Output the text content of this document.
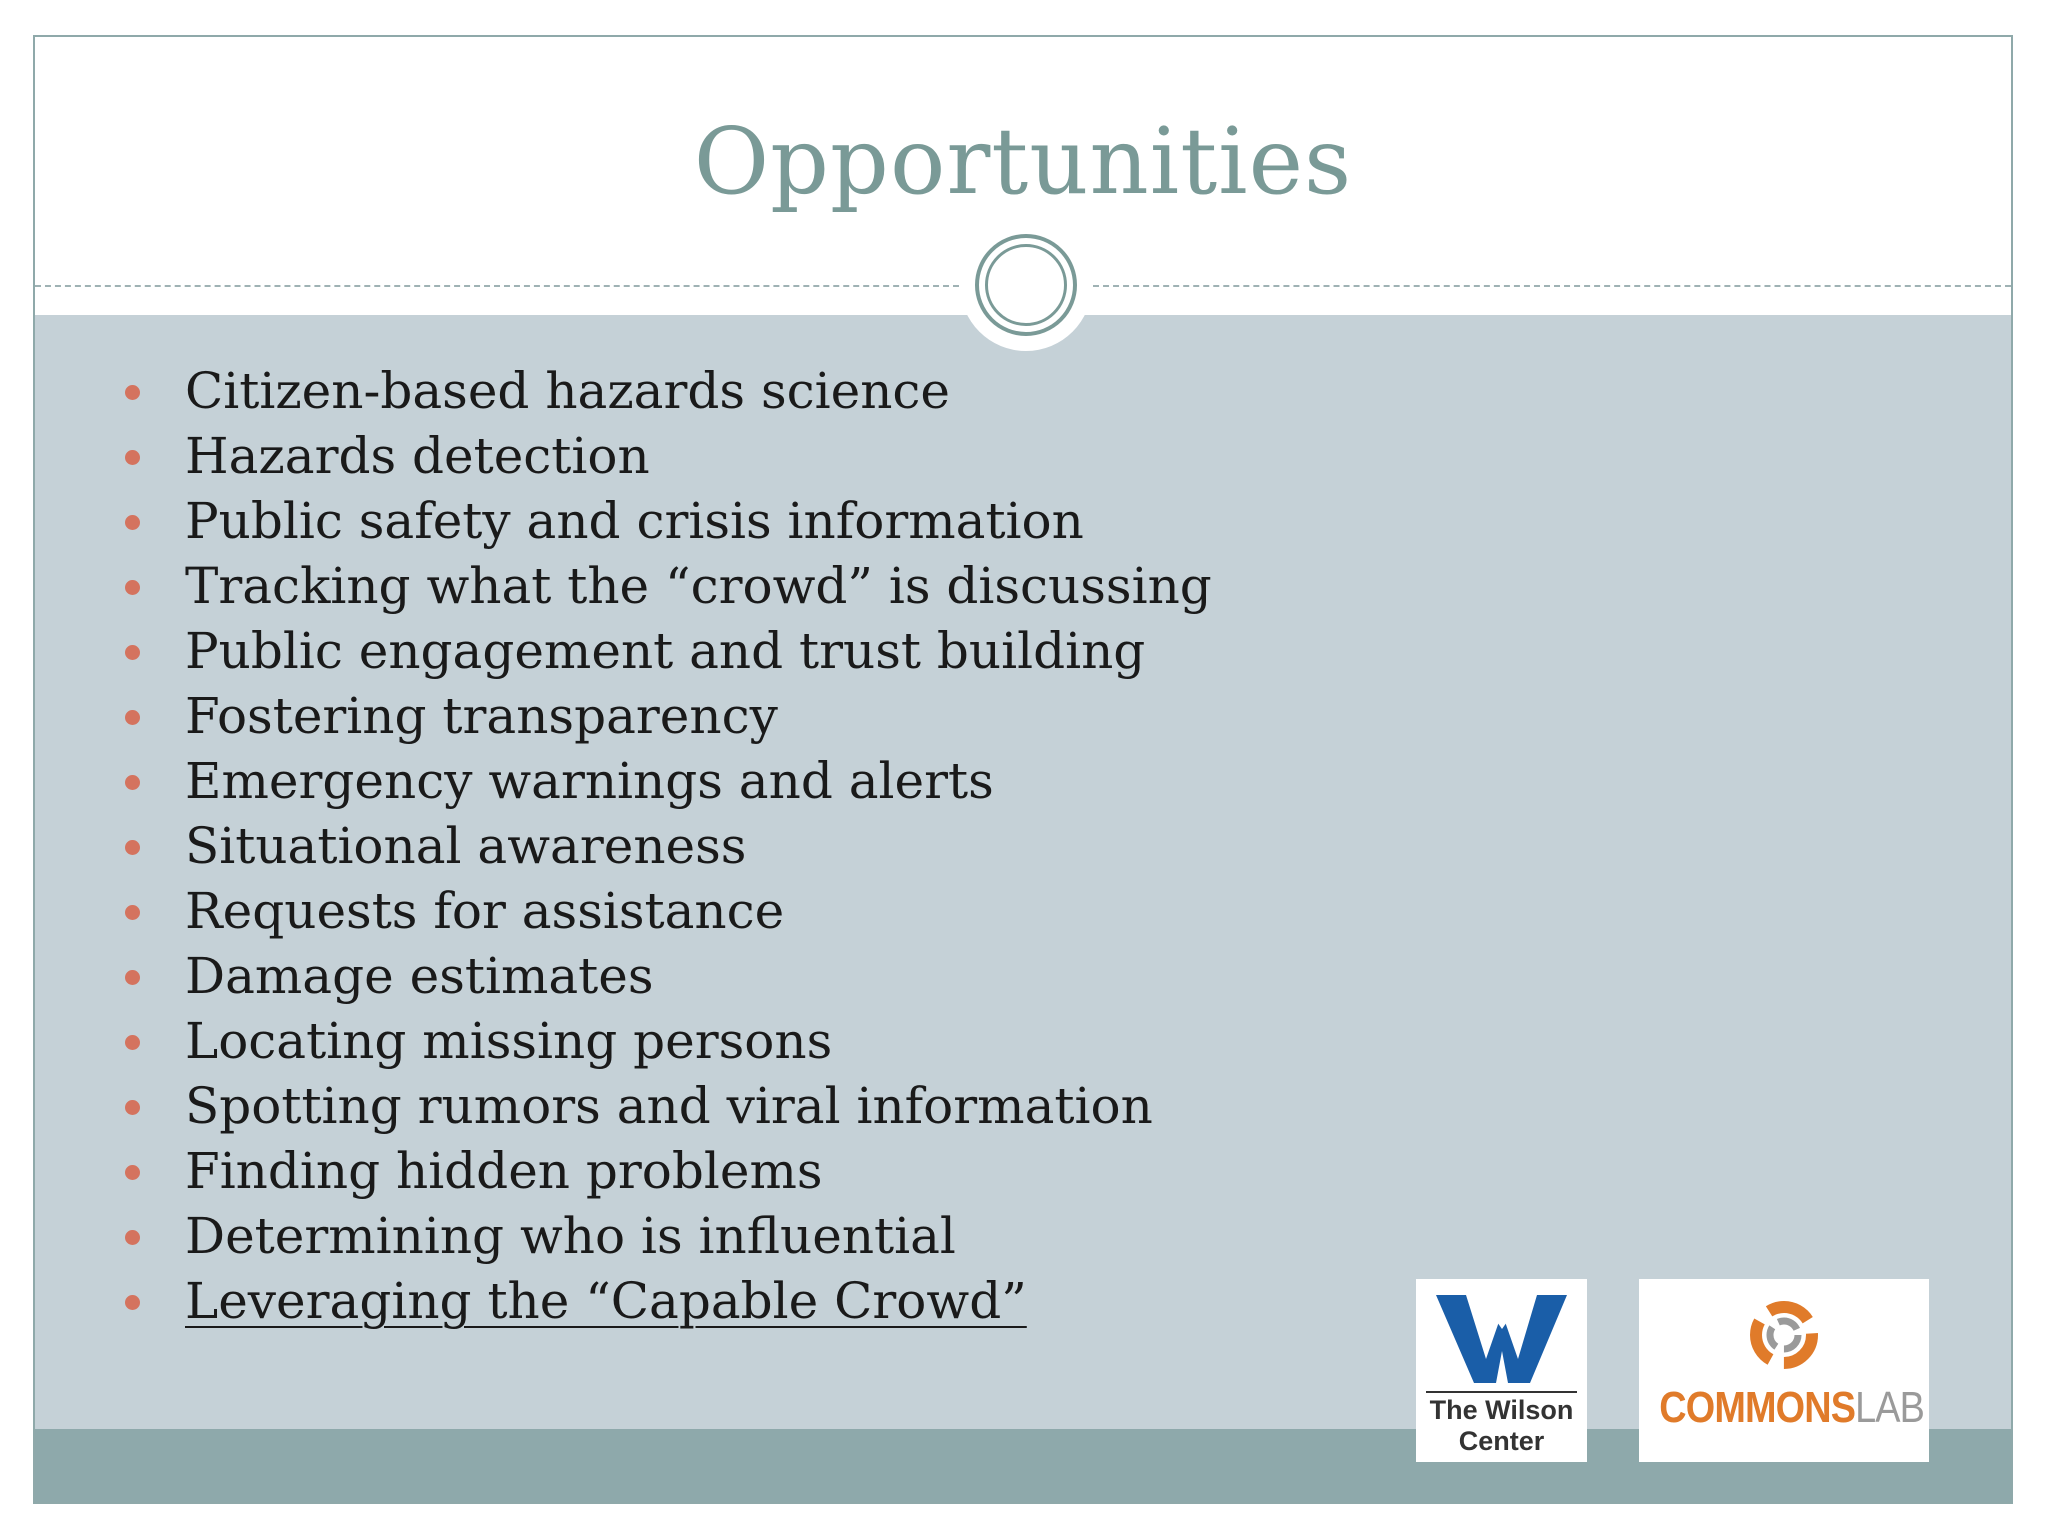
Opportunities
Citizen-based hazards science
Hazards detection
Public safety and crisis information
Tracking what the “crowd” is discussing
Public engagement and trust building
Fostering transparency
Emergency warnings and alerts
Situational awareness
Requests for assistance
Damage estimates
Locating missing persons
Spotting rumors and viral information
Finding hidden problems
Determining who is influential
Leveraging the “Capable Crowd”
The Wilson
Center
COMMONSLAB
